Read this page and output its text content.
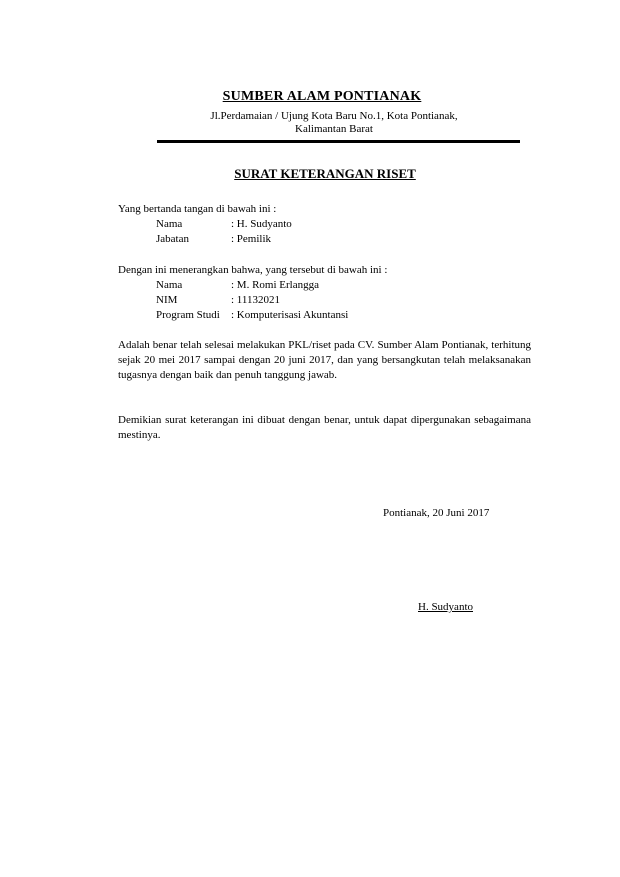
SUMBER ALAM PONTIANAK
Jl.Perdamaian / Ujung Kota Baru No.1, Kota Pontianak,
Kalimantan Barat
SURAT KETERANGAN RISET
Yang bertanda tangan di bawah ini :
Nama	: H. Sudyanto
Jabatan	: Pemilik
Dengan ini menerangkan bahwa, yang tersebut di bawah ini :
Nama	: M. Romi Erlangga
NIM	: 11132021
Program Studi : Komputerisasi Akuntansi
Adalah benar telah selesai melakukan PKL/riset pada CV. Sumber Alam Pontianak, terhitung sejak 20 mei 2017 sampai dengan 20 juni 2017, dan yang bersangkutan telah melaksanakan tugasnya dengan baik dan penuh tanggung jawab.
Demikian surat keterangan ini dibuat dengan benar, untuk dapat dipergunakan sebagaimana mestinya.
Pontianak, 20 Juni 2017
H. Sudyanto
